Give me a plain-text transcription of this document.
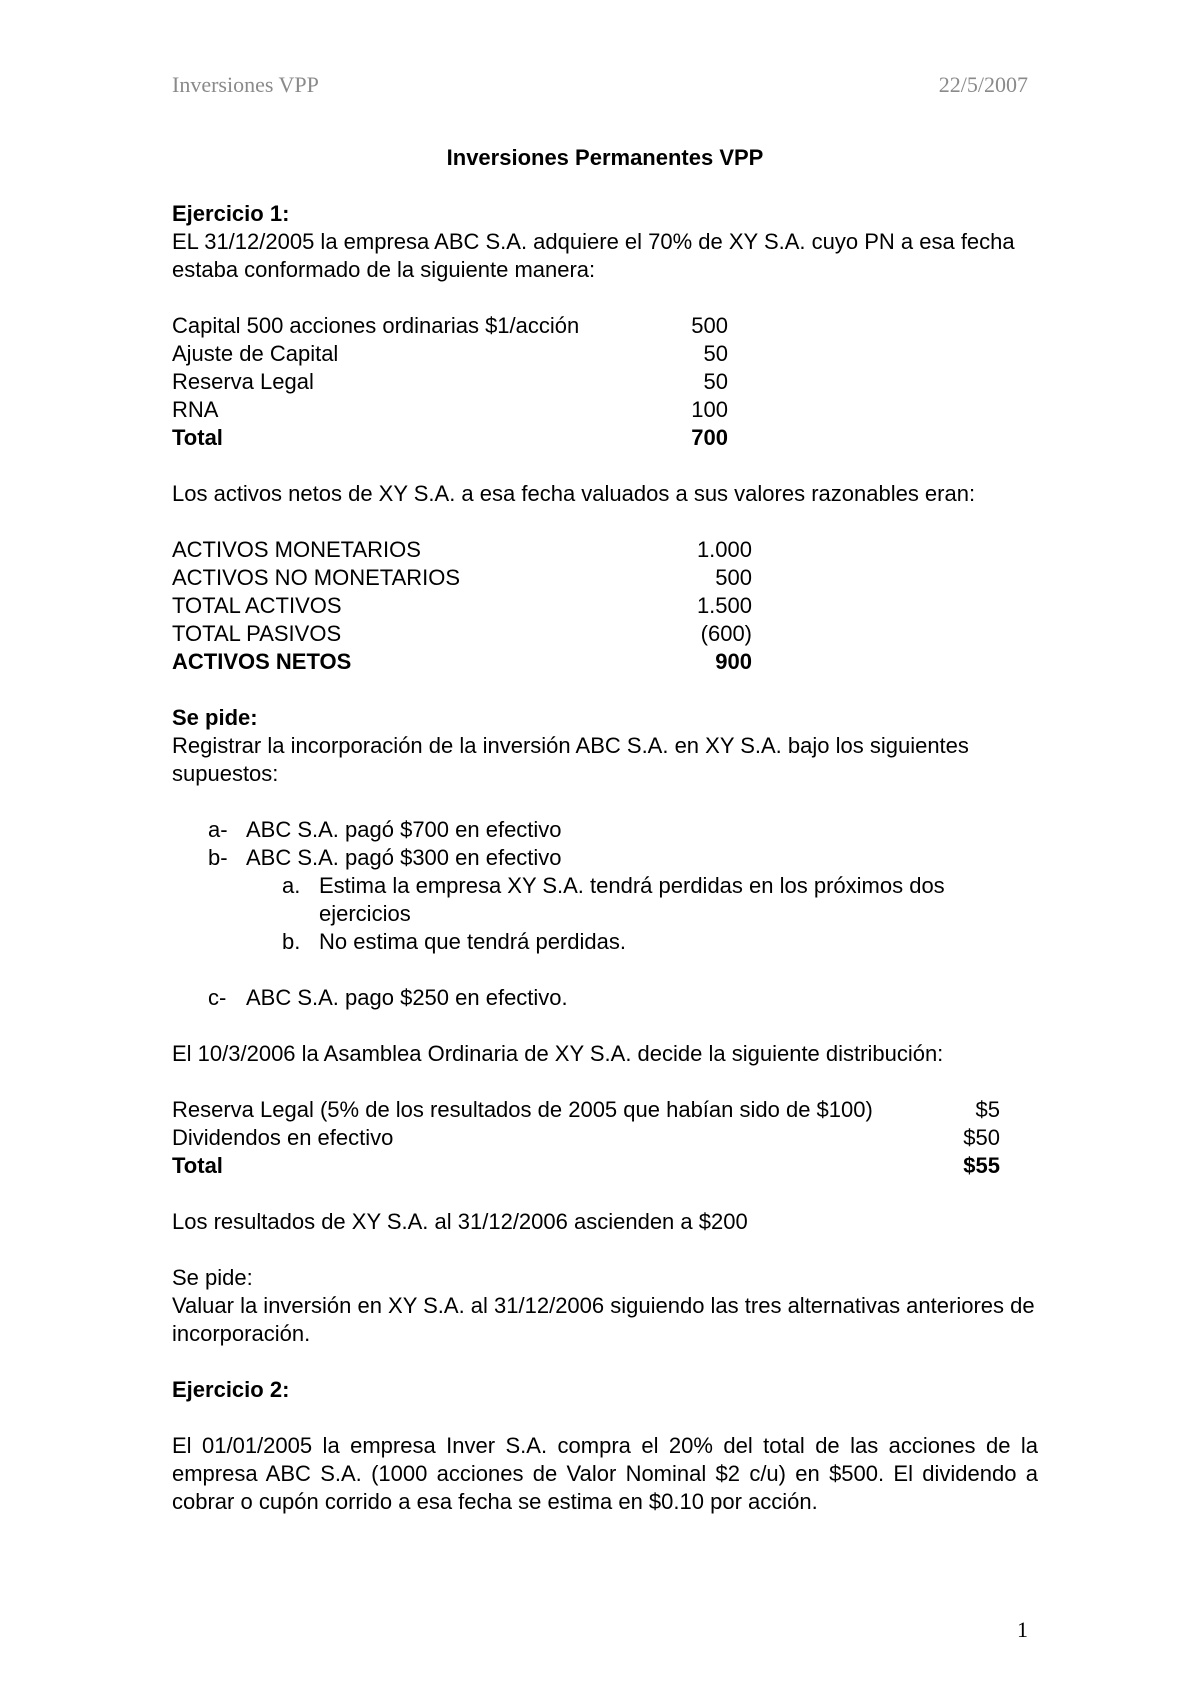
Inversiones VPP	22/5/2007

Inversiones Permanentes VPP

Ejercicio 1:

EL 31/12/2005 la empresa ABC S.A. adquiere el 70% de XY S.A. cuyo PN a esa fecha estaba conformado de la siguiente manera:

Capital 500 acciones ordinarias $1/acción	500
Ajuste de Capital	50
Reserva Legal	50
RNA	100
Total	700

Los activos netos de XY S.A. a esa fecha valuados a sus valores razonables eran:

ACTIVOS MONETARIOS	1.000
ACTIVOS NO MONETARIOS	500
TOTAL ACTIVOS	1.500
TOTAL PASIVOS	(600)
ACTIVOS NETOS	900

Se pide:

Registrar la incorporación de la inversión ABC S.A. en XY S.A. bajo los siguientes supuestos:

a- ABC S.A. pagó $700 en efectivo
b- ABC S.A. pagó $300 en efectivo
a. Estima la empresa XY S.A. tendrá perdidas en los próximos dos ejercicios
b. No estima que tendrá perdidas.
c- ABC S.A. pago $250 en efectivo.

El 10/3/2006 la Asamblea Ordinaria de XY S.A. decide la siguiente distribución:

Reserva Legal (5% de los resultados de 2005 que habían sido de $100)	$5
Dividendos en efectivo	$50
Total	$55

Los resultados de XY S.A. al 31/12/2006 ascienden a $200

Se pide:

Valuar la inversión en XY S.A. al 31/12/2006 siguiendo las tres alternativas anteriores de incorporación.

Ejercicio 2:

El 01/01/2005 la empresa Inver S.A. compra el 20% del total de las acciones de la empresa ABC S.A. (1000 acciones de Valor Nominal $2 c/u) en $500. El dividendo a cobrar o cupón corrido a esa fecha se estima en $0.10 por acción.

1
